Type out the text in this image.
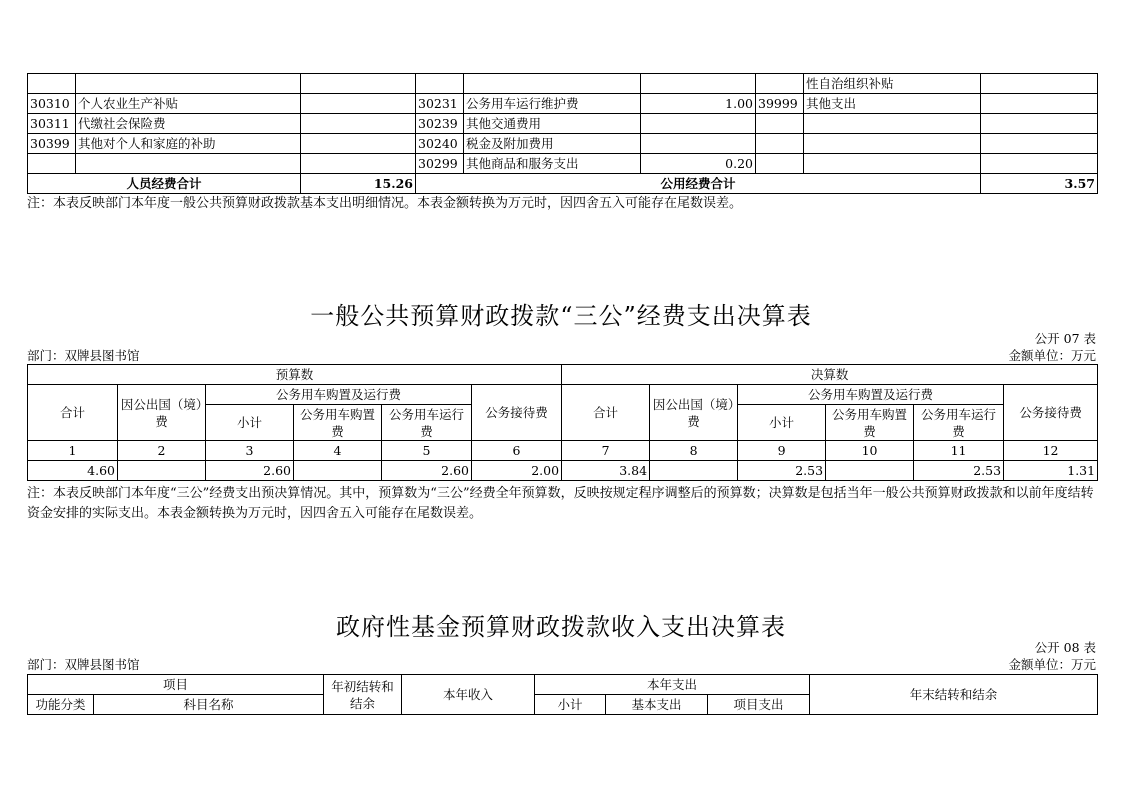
							性自治组织补贴	
30310	个人农业生产补贴		30231	公务用车运行维护费	1.00	39999	其他支出	
30311	代缴社会保险费		30239	其他交通费用				
30399	其他对个人和家庭的补助		30240	税金及附加费用				
			30299	其他商品和服务支出	0.20			
人员经费合计		15.26	公用经费合计					3.57
注：本表反映部门本年度一般公共预算财政拨款基本支出明细情况。本表金额转换为万元时，因四舍五入可能存在尾数误差。
一般公共预算财政拨款“三公”经费支出决算表
公开 07 表
部门：双牌县图书馆	金额单位：万元
预算数						决算数					
合计	因公出国（境）费	公务用车购置及运行费			公务接待费	合计	因公出国（境）费	公务用车购置及运行费			公务接待费
		小计	公务用车购置费	公务用车运行费				小计	公务用车购置费	公务用车运行费	
1	2	3	4	5	6	7	8	9	10	11	12
4.60		2.60		2.60	2.00	3.84		2.53		2.53	1.31
注：本表反映部门本年度“三公”经费支出预决算情况。其中，预算数为“三公”经费全年预算数，反映按规定程序调整后的预算数；决算数是包括当年一般公共预算财政拨款和以前年度结转资金安排的实际支出。本表金额转换为万元时，因四舍五入可能存在尾数误差。
政府性基金预算财政拨款收入支出决算表
公开 08 表
部门：双牌县图书馆	金额单位：万元
项目		年初结转和结余	本年收入	本年支出			年末结转和结余
功能分类	科目名称			小计	基本支出	项目支出	
